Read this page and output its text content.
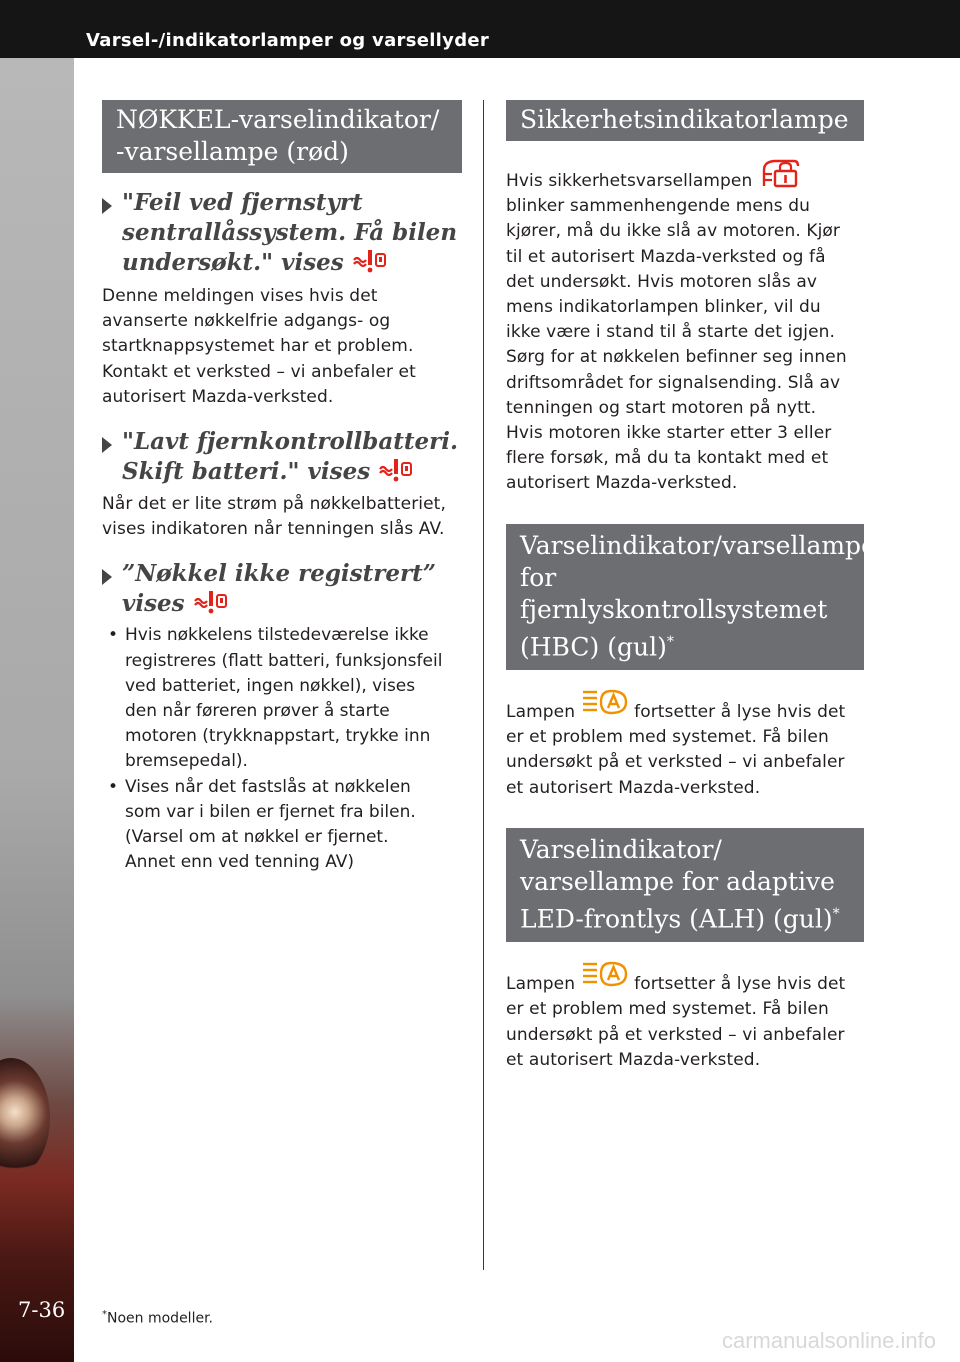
Varsel-/indikatorlamper og varsellyder
7-36
NØKKEL-varselindikator/
-varsellampe (rød)
"Feil ved fjernstyrt
sentrallåssystem. Få bilen
undersøkt." vises
Denne meldingen vises hvis det
avanserte nøkkelfrie adgangs- og
startknappsystemet har et problem.
Kontakt et verksted – vi anbefaler et
autorisert Mazda-verksted.
"Lavt fjernkontrollbatteri.
Skift batteri." vises
Når det er lite strøm på nøkkelbatteriet,
vises indikatoren når tenningen slås AV.
”Nøkkel ikke registrert”
vises
• Hvis nøkkelens tilstedeværelse ikke
registreres (flatt batteri, funksjonsfeil
ved batteriet, ingen nøkkel), vises
den når føreren prøver å starte
motoren (trykknappstart, trykke inn
bremsepedal).
• Vises når det fastslås at nøkkelen
som var i bilen er fjernet fra bilen.
(Varsel om at nøkkel er fjernet.
Annet enn ved tenning AV)
Sikkerhetsindikatorlampe
Hvis sikkerhetsvarsellampen
blinker sammenhengende mens du
kjører, må du ikke slå av motoren. Kjør
til et autorisert Mazda-verksted og få
det undersøkt. Hvis motoren slås av
mens indikatorlampen blinker, vil du
ikke være i stand til å starte det igjen.
Sørg for at nøkkelen befinner seg innen
driftsområdet for signalsending. Slå av
tenningen og start motoren på nytt.
Hvis motoren ikke starter etter 3 eller
flere forsøk, må du ta kontakt med et
autorisert Mazda-verksted.
Varselindikator/varsellampe
for fjernlyskontrollsystemet
(HBC) (gul)*
Lampen	fortsetter å lyse hvis det
er et problem med systemet. Få bilen
undersøkt på et verksted – vi anbefaler
et autorisert Mazda-verksted.
Varselindikator/
varsellampe for adaptive
LED-frontlys (ALH) (gul)*
Lampen	fortsetter å lyse hvis det
er et problem med systemet. Få bilen
undersøkt på et verksted – vi anbefaler
et autorisert Mazda-verksted.
*Noen modeller.
carmanualsonline.info
